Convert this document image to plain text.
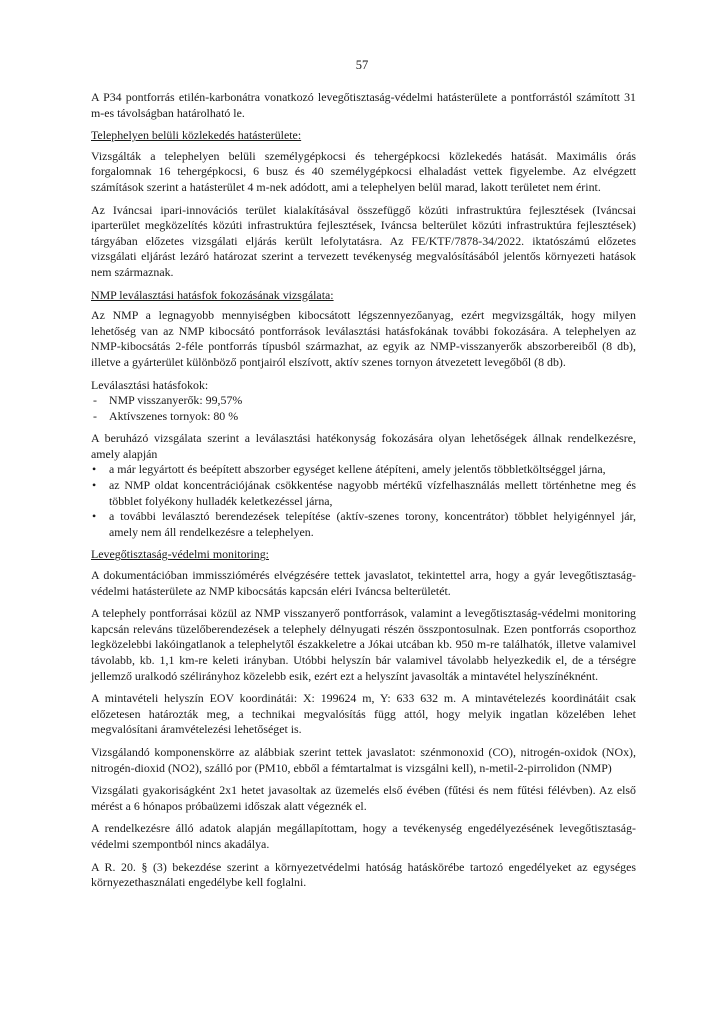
57

A P34 pontforrás etilén-karbonátra vonatkozó levegőtisztaság-védelmi hatásterülete a pontforrástól számított 31 m-es távolságban határolható le.

Telephelyen belüli közlekedés hatásterülete:

Vizsgálták a telephelyen belüli személygépkocsi és tehergépkocsi közlekedés hatását. Maximális órás forgalomnak 16 tehergépkocsi, 6 busz és 40 személygépkocsi elhaladást vettek figyelembe. Az elvégzett számítások szerint a hatásterület 4 m-nek adódott, ami a telephelyen belül marad, lakott területet nem érint.

Az Iváncsai ipari-innovációs terület kialakításával összefüggő közúti infrastruktúra fejlesztések (Iváncsai iparterület megközelítés közúti infrastruktúra fejlesztések, Iváncsa belterület közúti infrastruktúra fejlesztések) tárgyában előzetes vizsgálati eljárás került lefolytatásra. Az FE/KTF/7878-34/2022. iktatószámú előzetes vizsgálati eljárást lezáró határozat szerint a tervezett tevékenység megvalósításából jelentős környezeti hatások nem származnak.

NMP leválasztási hatásfok fokozásának vizsgálata:

Az NMP a legnagyobb mennyiségben kibocsátott légszennyezőanyag, ezért megvizsgálták, hogy milyen lehetőség van az NMP kibocsátó pontforrások leválasztási hatásfokának további fokozására. A telephelyen az NMP-kibocsátás 2-féle pontforrás típusból származhat, az egyik az NMP-visszanyerők abszorbereiből (8 db), illetve a gyárterület különböző pontjairól elszívott, aktív szenes tornyon átvezetett levegőből (8 db).

Leválasztási hatásfokok:

- NMP visszanyerők: 99,57%
- Aktívszenes tornyok: 80 %

A beruházó vizsgálata szerint a leválasztási hatékonyság fokozására olyan lehetőségek állnak rendelkezésre, amely alapján

• a már legyártott és beépített abszorber egységet kellene átépíteni, amely jelentős többletköltséggel járna,
• az NMP oldat koncentrációjának csökkentése nagyobb mértékű vízfelhasználás mellett történhetne meg és többlet folyékony hulladék keletkezéssel járna,
• a további leválasztó berendezések telepítése (aktív-szenes torony, koncentrátor) többlet helyigénnyel jár, amely nem áll rendelkezésre a telephelyen.

Levegőtisztaság-védelmi monitoring:

A dokumentációban immissziómérés elvégzésére tettek javaslatot, tekintettel arra, hogy a gyár levegőtisztaság-védelmi hatásterülete az NMP kibocsátás kapcsán eléri Iváncsa belterületét.

A telephely pontforrásai közül az NMP visszanyerő pontforrások, valamint a levegőtisztaság-védelmi monitoring kapcsán releváns tüzelőberendezések a telephely délnyugati részén összpontosulnak. Ezen pontforrás csoporthoz legközelebbi lakóingatlanok a telephelytől északkeletre a Jókai utcában kb. 950 m-re találhatók, illetve valamivel távolabb, kb. 1,1 km-re keleti irányban. Utóbbi helyszín bár valamivel távolabb helyezkedik el, de a térségre jellemző uralkodó szélirányhoz közelebb esik, ezért ezt a helyszínt javasolták a mintavétel helyszínéknént.

A mintavételi helyszín EOV koordinátái: X: 199624 m, Y: 633 632 m. A mintavételezés koordinátáit csak előzetesen határozták meg, a technikai megvalósítás függ attól, hogy melyik ingatlan közelében lehet megvalósítani áramvételezési lehetőséget is.

Vizsgálandó komponenskörre az alábbiak szerint tettek javaslatot: szénmonoxid (CO), nitrogén-oxidok (NOx), nitrogén-dioxid (NO2), szálló por (PM10, ebből a fémtartalmat is vizsgálni kell), n-metil-2-pirrolidon (NMP)

Vizsgálati gyakoriságként 2x1 hetet javasoltak az üzemelés első évében (fűtési és nem fűtési félévben). Az első mérést a 6 hónapos próbaüzemi időszak alatt végeznék el.

A rendelkezésre álló adatok alapján megállapítottam, hogy a tevékenység engedélyezésének levegőtisztaság-védelmi szempontból nincs akadálya.

A R. 20. § (3) bekezdése szerint a környezetvédelmi hatóság hatáskörébe tartozó engedélyeket az egységes környezethasználati engedélybe kell foglalni.
